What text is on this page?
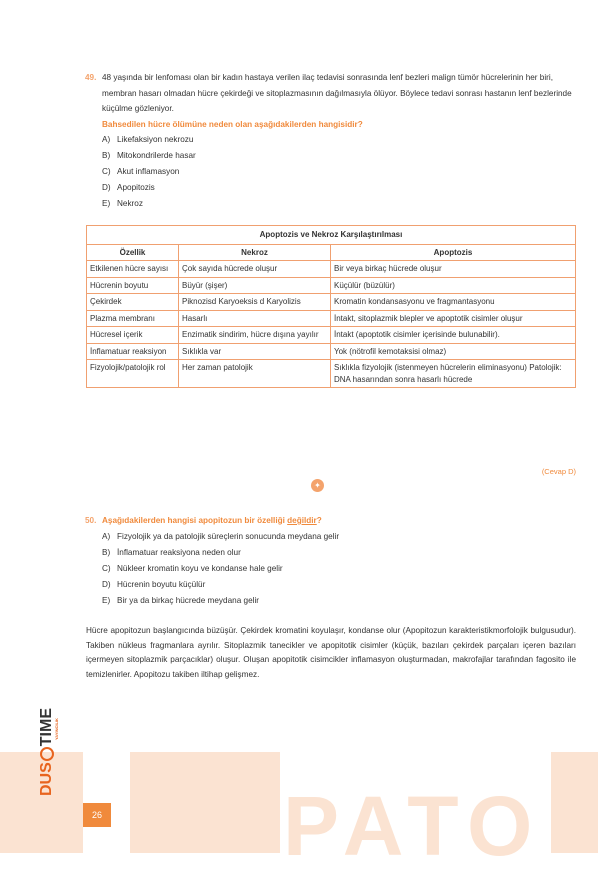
49. 48 yaşında bir lenfoması olan bir kadın hastaya verilen ilaç tedavisi sonrasında lenf bezleri malign tümör hücrelerinin her biri, membran hasarı olmadan hücre çekirdeği ve sitoplazmasının dağılmasıyla ölüyor. Böylece tedavi sonrası hastanın lenf bezlerinde küçülme gözleniyor.
Bahsedilen hücre ölümüne neden olan aşağıdakilerden hangisidir?
A) Likefaksiyon nekrozu
B) Mitokondrilerde hasar
C) Akut inflamasyon
D) Apopitozis
E) Nekroz
Apoptozis ve Nekroz Karşılaştırılması		
Özellik	Nekroz	Apoptozis
Etkilenen hücre sayısı	Çok sayıda hücrede oluşur	Bir veya birkaç hücrede oluşur
Hücrenin boyutu	Büyür (şişer)	Küçülür (büzülür)
Çekirdek	Piknozisd Karyoeksis d Karyolizis	Kromatin kondansasyonu ve fragmantasyonu
Plazma membranı	Hasarlı	İntakt, sitoplazmik blepler ve apoptotik cisimler oluşur
Hücresel içerik	Enzimatik sindirim, hücre dışına yayılır	İntakt (apoptotik cisimler içerisinde bulunabilir).
İnflamatuar reaksiyon	Sıklıkla var	Yok (nötrofil kemotaksisi olmaz)
Fizyolojik/patolojik rol	Her zaman patolojik	Sıklıkla fizyolojik (istenmeyen hücrelerin eliminasyonu) Patolojik: DNA hasarından sonra hasarlı hücrede
(Cevap D)
✦
50. Aşağıdakilerden hangisi apopitozun bir özelliği değildir?
A) Fizyolojik ya da patolojik süreçlerin sonucunda meydana gelir
B) İnflamatuar reaksiyona neden olur
C) Nükleer kromatin koyu ve kondanse hale gelir
D) Hücrenin boyutu küçülür
E) Bir ya da birkaç hücrede meydana gelir
Hücre apopitozun başlangıcında büzüşür. Çekirdek kromatini koyulaşır, kondanse olur (Apopitozun karakteristikmorfolojik bulgusudur). Takiben nükleus fragmanlara ayrılır. Sitoplazmik tanecikler ve apopitotik cisimler (küçük, bazıları çekirdek parçaları içeren bazıları içermeyen sitoplazmik parçacıklar) oluşur. Oluşan apopitotik cisimcikler inflamasyon oluşturmadan, makrofajlar tarafından fagosito ile temizlenirler. Apopitozu takiben iltihap gelişmez.
PATO
26
DUS
TIME YAYINCILIK
